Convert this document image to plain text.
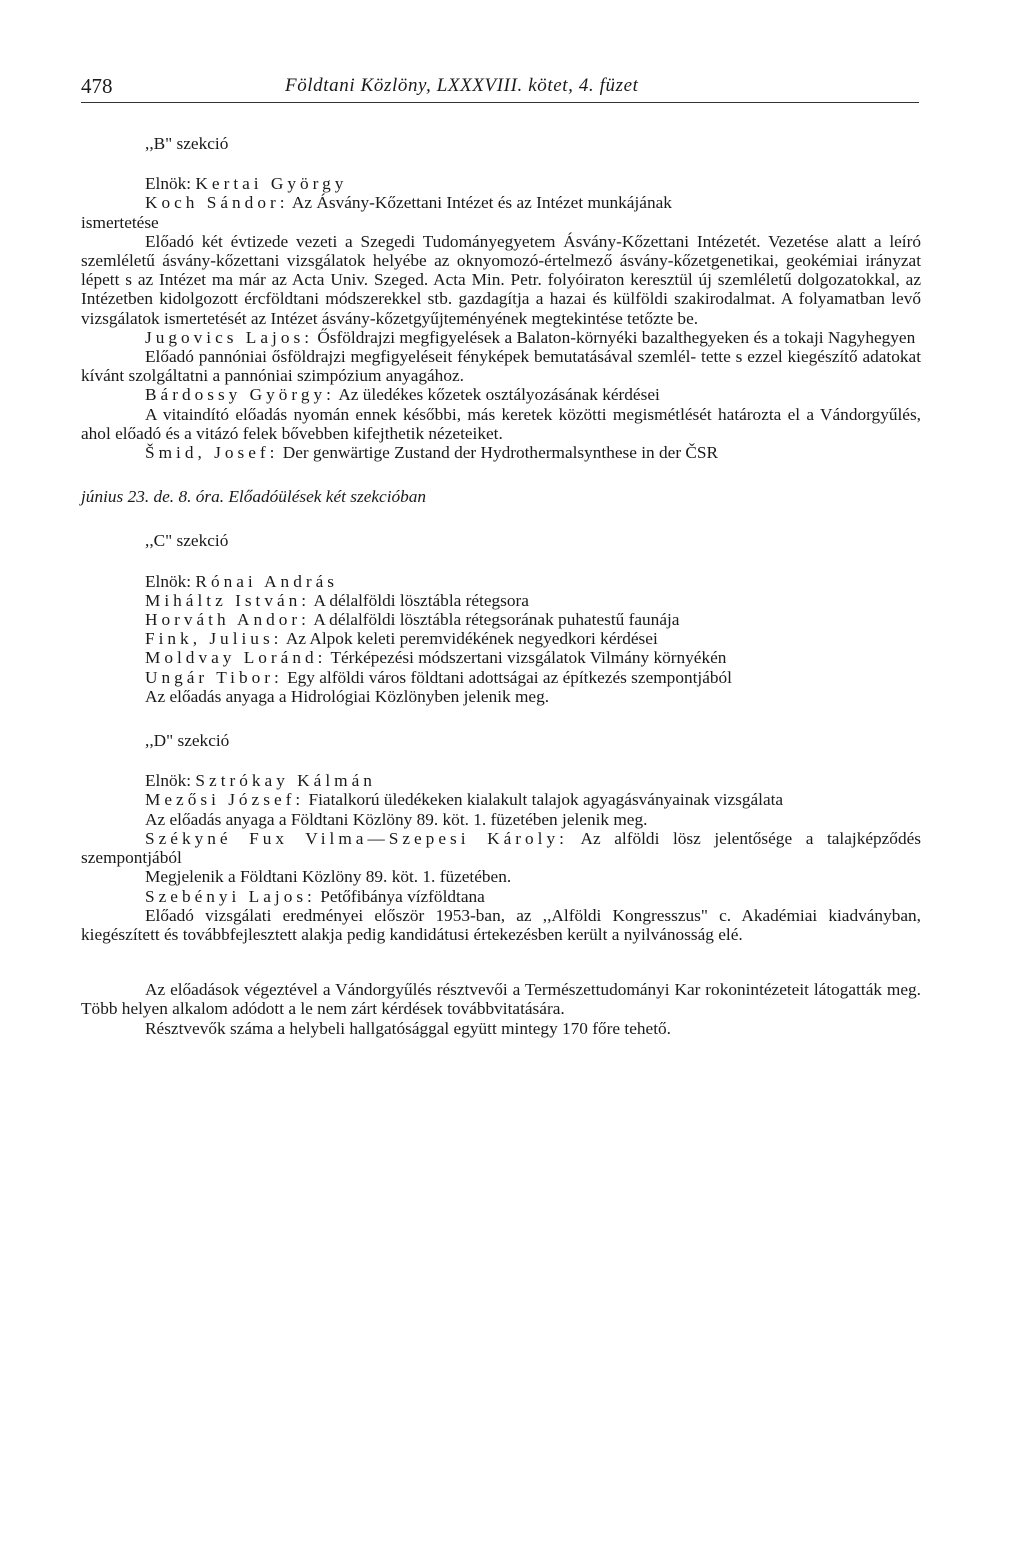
478	Földtani Közlöny, LXXXVIII. kötet, 4. füzet

,,B" szekció

Elnök: Kertai György

Koch Sándor: Az Ásvány-Kőzettani Intézet és az Intézet munkájának

ismertetése

Előadó két évtizede vezeti a Szegedi Tudományegyetem Ásvány-Kőzettani Intézetét. Vezetése alatt a leíró szemléletű ásvány-kőzettani vizsgálatok helyébe az oknyomozó-értelmező ásvány-kőzetgenetikai, geokémiai irányzat lépett s az Intézet ma már az Acta Univ. Szeged. Acta Min. Petr. folyóiraton keresztül új szemléletű dolgozatokkal, az Intézetben kidolgozott ércföldtani módszerekkel stb. gazdagítja a hazai és külföldi szakirodalmat. A folyamatban levő vizsgálatok ismertetését az Intézet ásvány-kőzetgyűjteményének megtekintése tetőzte be.

Jugovics Lajos: Ősföldrajzi megfigyelések a Balaton-környéki bazalthegyeken és a tokaji Nagyhegyen

Előadó pannóniai ősföldrajzi megfigyeléseit fényképek bemutatásával szemlél- tette s ezzel kiegészítő adatokat kívánt szolgáltatni a pannóniai szimpózium anyagához.

Bárdossy György: Az üledékes kőzetek osztályozásának kérdései

A vitaindító előadás nyomán ennek későbbi, más keretek közötti megismétlését határozta el a Vándorgyűlés, ahol előadó és a vitázó felek bővebben kifejthetik nézeteiket.

Šmid, Josef: Der genwärtige Zustand der Hydrothermalsynthese in der ČSR

június 23. de. 8. óra. Előadóülések két szekcióban

,,C" szekció

Elnök: Rónai András

Miháltz István: A délalföldi lösztábla rétegsora

Horváth Andor: A délalföldi lösztábla rétegsorának puhatestű faunája

Fink, Julius: Az Alpok keleti peremvidékének negyedkori kérdései

Moldvay Loránd: Térképezési módszertani vizsgálatok Vilmány környékén

Ungár Tibor: Egy alföldi város földtani adottságai az építkezés szempontjából

Az előadás anyaga a Hidrológiai Közlönyben jelenik meg.

,,D" szekció

Elnök: Sztrókay Kálmán

Mezősi József: Fiatalkorú üledékeken kialakult talajok agyagásványainak vizsgálata

Az előadás anyaga a Földtani Közlöny 89. köt. 1. füzetében jelenik meg.

Székyné Fux Vilma—Szepesi Károly: Az alföldi lösz jelentősége a talajképződés szempontjából

Megjelenik a Földtani Közlöny 89. köt. 1. füzetében.

Szebényi Lajos: Petőfibánya vízföldtana

Előadó vizsgálati eredményei először 1953-ban, az ,,Alföldi Kongresszus" c. Akadémiai kiadványban, kiegészített és továbbfejlesztett alakja pedig kandidátusi értekezésben került a nyilvánosság elé.

Az előadások végeztével a Vándorgyűlés résztvevői a Természettudományi Kar rokonintézeteit látogatták meg. Több helyen alkalom adódott a le nem zárt kérdések továbbvitatására.

Résztvevők száma a helybeli hallgatósággal együtt mintegy 170 főre tehető.
